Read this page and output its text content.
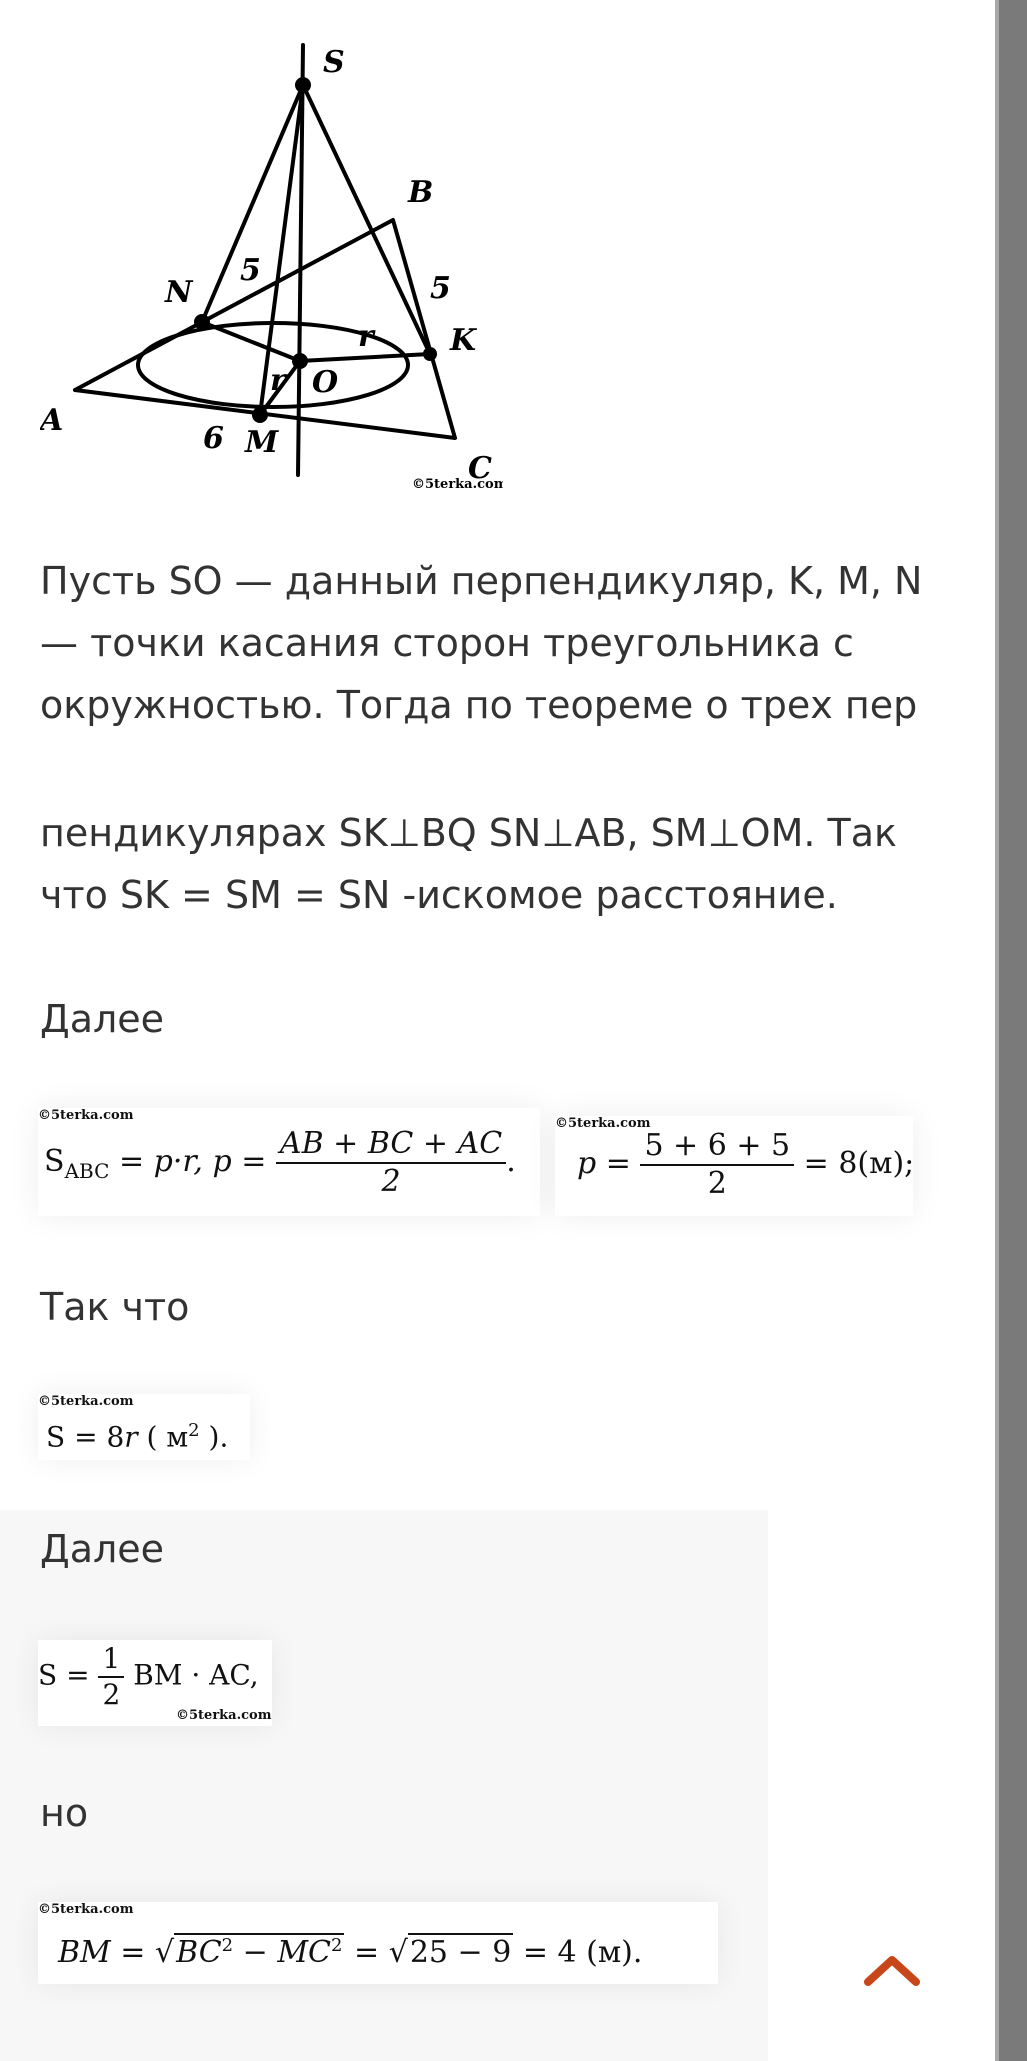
S
B
N
K
A
M
C
O
r
r
5
5
6
©5terka.com

Пусть SO — данный перпендикуляр, K, M, N — точки касания сторон треугольника с окружностью. Тогда по теореме о трех пер

пендикулярах SK⊥BQ SN⊥AB, SM⊥OM. Так что SK = SM = SN -искомое расстояние.

Далее

©5terka.com
$S_{ABC} = p\cdot r$, $p = \frac{AB + BC + AC}{2}$ .
©5terka.com
$p = \frac{5 + 6 + 5}{2} = 8(м)$;

Так что

©5terka.com
S = 8r ( $м^2$ ).

Далее

$S = \frac{1}{2}$ BM · AC,
©5terka.com

но

©5terka.com
BM = $√BC^2 - MC^2 = √25 - 9 = 4$ (м).
